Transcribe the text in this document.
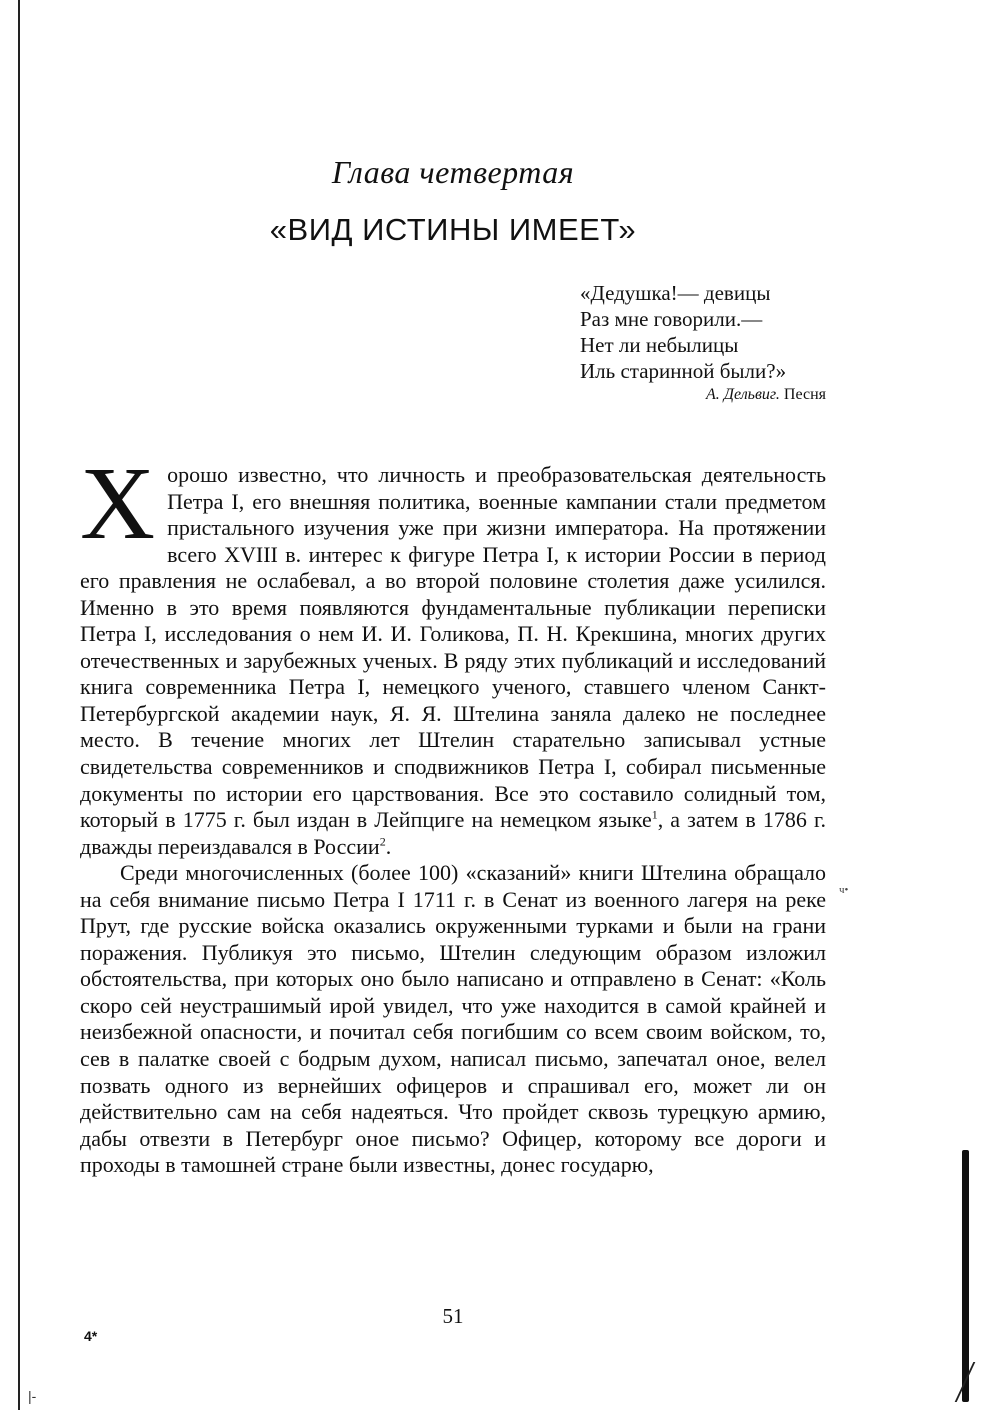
Глава четвертая
«ВИД ИСТИНЫ ИМЕЕТ»
«Дедушка!— девицы
Раз мне говорили.—
Нет ли небылицы
Иль старинной были?»
А. Дельвиг. Песня

Хорошо известно, что личность и преобразовательская деятельность Петра I, его внешняя политика, военные кампании стали предметом пристального изучения уже при жизни императора. На протяжении всего XVIII в. интерес к фигуре Петра I, к истории России в период его правления не ослабевал, а во второй половине столетия даже усилился. Именно в это время появляются фундаментальные публикации переписки Петра I, исследования о нем И. И. Голикова, П. Н. Крекшина, многих других отечественных и зарубежных ученых. В ряду этих публикаций и исследований книга современника Петра I, немецкого ученого, ставшего членом Санкт-Петербургской академии наук, Я. Я. Штелина заняла далеко не последнее место. В течение многих лет Штелин старательно записывал устные свидетельства современников и сподвижников Петра I, собирал письменные документы по истории его царствования. Все это составило солидный том, который в 1775 г. был издан в Лейпциге на немецком языке$^1$, а затем в 1786 г. дважды переиздавался в России$^2$.

Среди многочисленных (более 100) «сказаний» книги Штелина обращало на себя внимание письмо Петра I 1711 г. в Сенат из военного лагеря на реке Прут, где русские войска оказались окруженными турками и были на грани поражения. Публикуя это письмо, Штелин следующим образом изложил обстоятельства, при которых оно было написано и отправлено в Сенат: «Коль скоро сей неустрашимый ирой увидел, что уже находится в самой крайней и неизбежной опасности, и почитал себя погибшим со всем своим войском, то, сев в палатке своей с бодрым духом, написал письмо, запечатал оное, велел позвать одного из вернейших офицеров и спрашивал его, может ли он действительно сам на себя надеяться. Что пройдет сквозь турецкую армию, дабы отвезти в Петербург оное письмо? Офицер, которому все дороги и проходы в тамошней стране были известны, донес государю,

ч•
51
4*
|-
